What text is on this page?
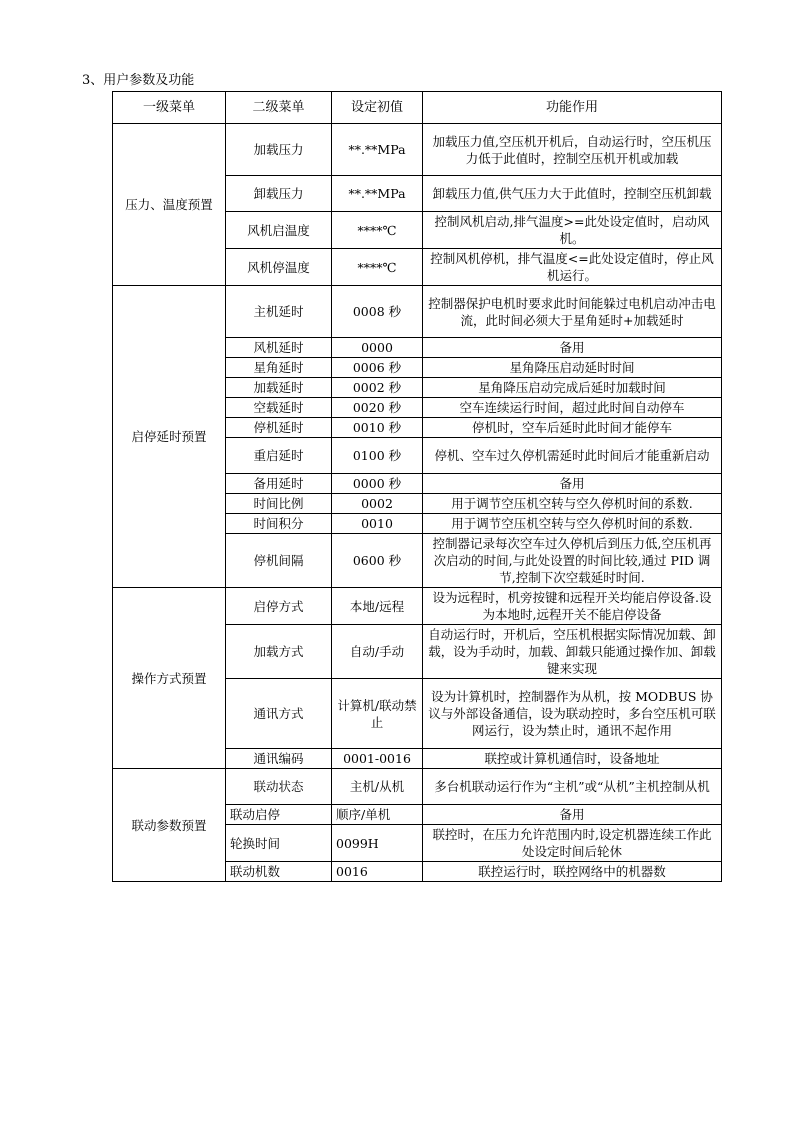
3、用户参数及功能
一级菜单	二级菜单	设定初值	功能作用
压力、温度预置	加载压力	**.**MPa	加载压力值,空压机开机后，自动运行时，空压机压力低于此值时，控制空压机开机或加载
	卸载压力	**.**MPa	卸载压力值,供气压力大于此值时，控制空压机卸载
	风机启温度	****℃	控制风机启动,排气温度>=此处设定值时，启动风机。
	风机停温度	****℃	控制风机停机，排气温度<=此处设定值时，停止风机运行。
启停延时预置	主机延时	0008 秒	控制器保护电机时要求此时间能躲过电机启动冲击电流，此时间必须大于星角延时+加载延时
	风机延时	0000	备用
	星角延时	0006 秒	星角降压启动延时时间
	加载延时	0002 秒	星角降压启动完成后延时加载时间
	空载延时	0020 秒	空车连续运行时间，超过此时间自动停车
	停机延时	0010 秒	停机时，空车后延时此时间才能停车
	重启延时	0100 秒	停机、空车过久停机需延时此时间后才能重新启动
	备用延时	0000 秒	备用
	时间比例	0002	用于调节空压机空转与空久停机时间的系数.
	时间积分	0010	用于调节空压机空转与空久停机时间的系数.
	停机间隔	0600 秒	控制器记录每次空车过久停机后到压力低,空压机再次启动的时间,与此处设置的时间比较,通过 PID 调节,控制下次空载延时时间.
操作方式预置	启停方式	本地/远程	设为远程时，机旁按键和远程开关均能启停设备.设为本地时,远程开关不能启停设备
	加载方式	自动/手动	自动运行时，开机后，空压机根据实际情况加载、卸载，设为手动时，加载、卸载只能通过操作加、卸载键来实现
	通讯方式	计算机/联动禁止	设为计算机时，控制器作为从机，按 MODBUS 协议与外部设备通信，设为联动控时，多台空压机可联网运行，设为禁止时，通讯不起作用
	通讯编码	0001-0016	联控或计算机通信时，设备地址
联动参数预置	联动状态	主机/从机	多台机联动运行作为“主机”或“从机”主机控制从机
	联动启停	顺序/单机	备用
	轮换时间	0099H	联控时，在压力允许范围内时,设定机器连续工作此处设定时间后轮休
	联动机数	0016	联控运行时，联控网络中的机器数
